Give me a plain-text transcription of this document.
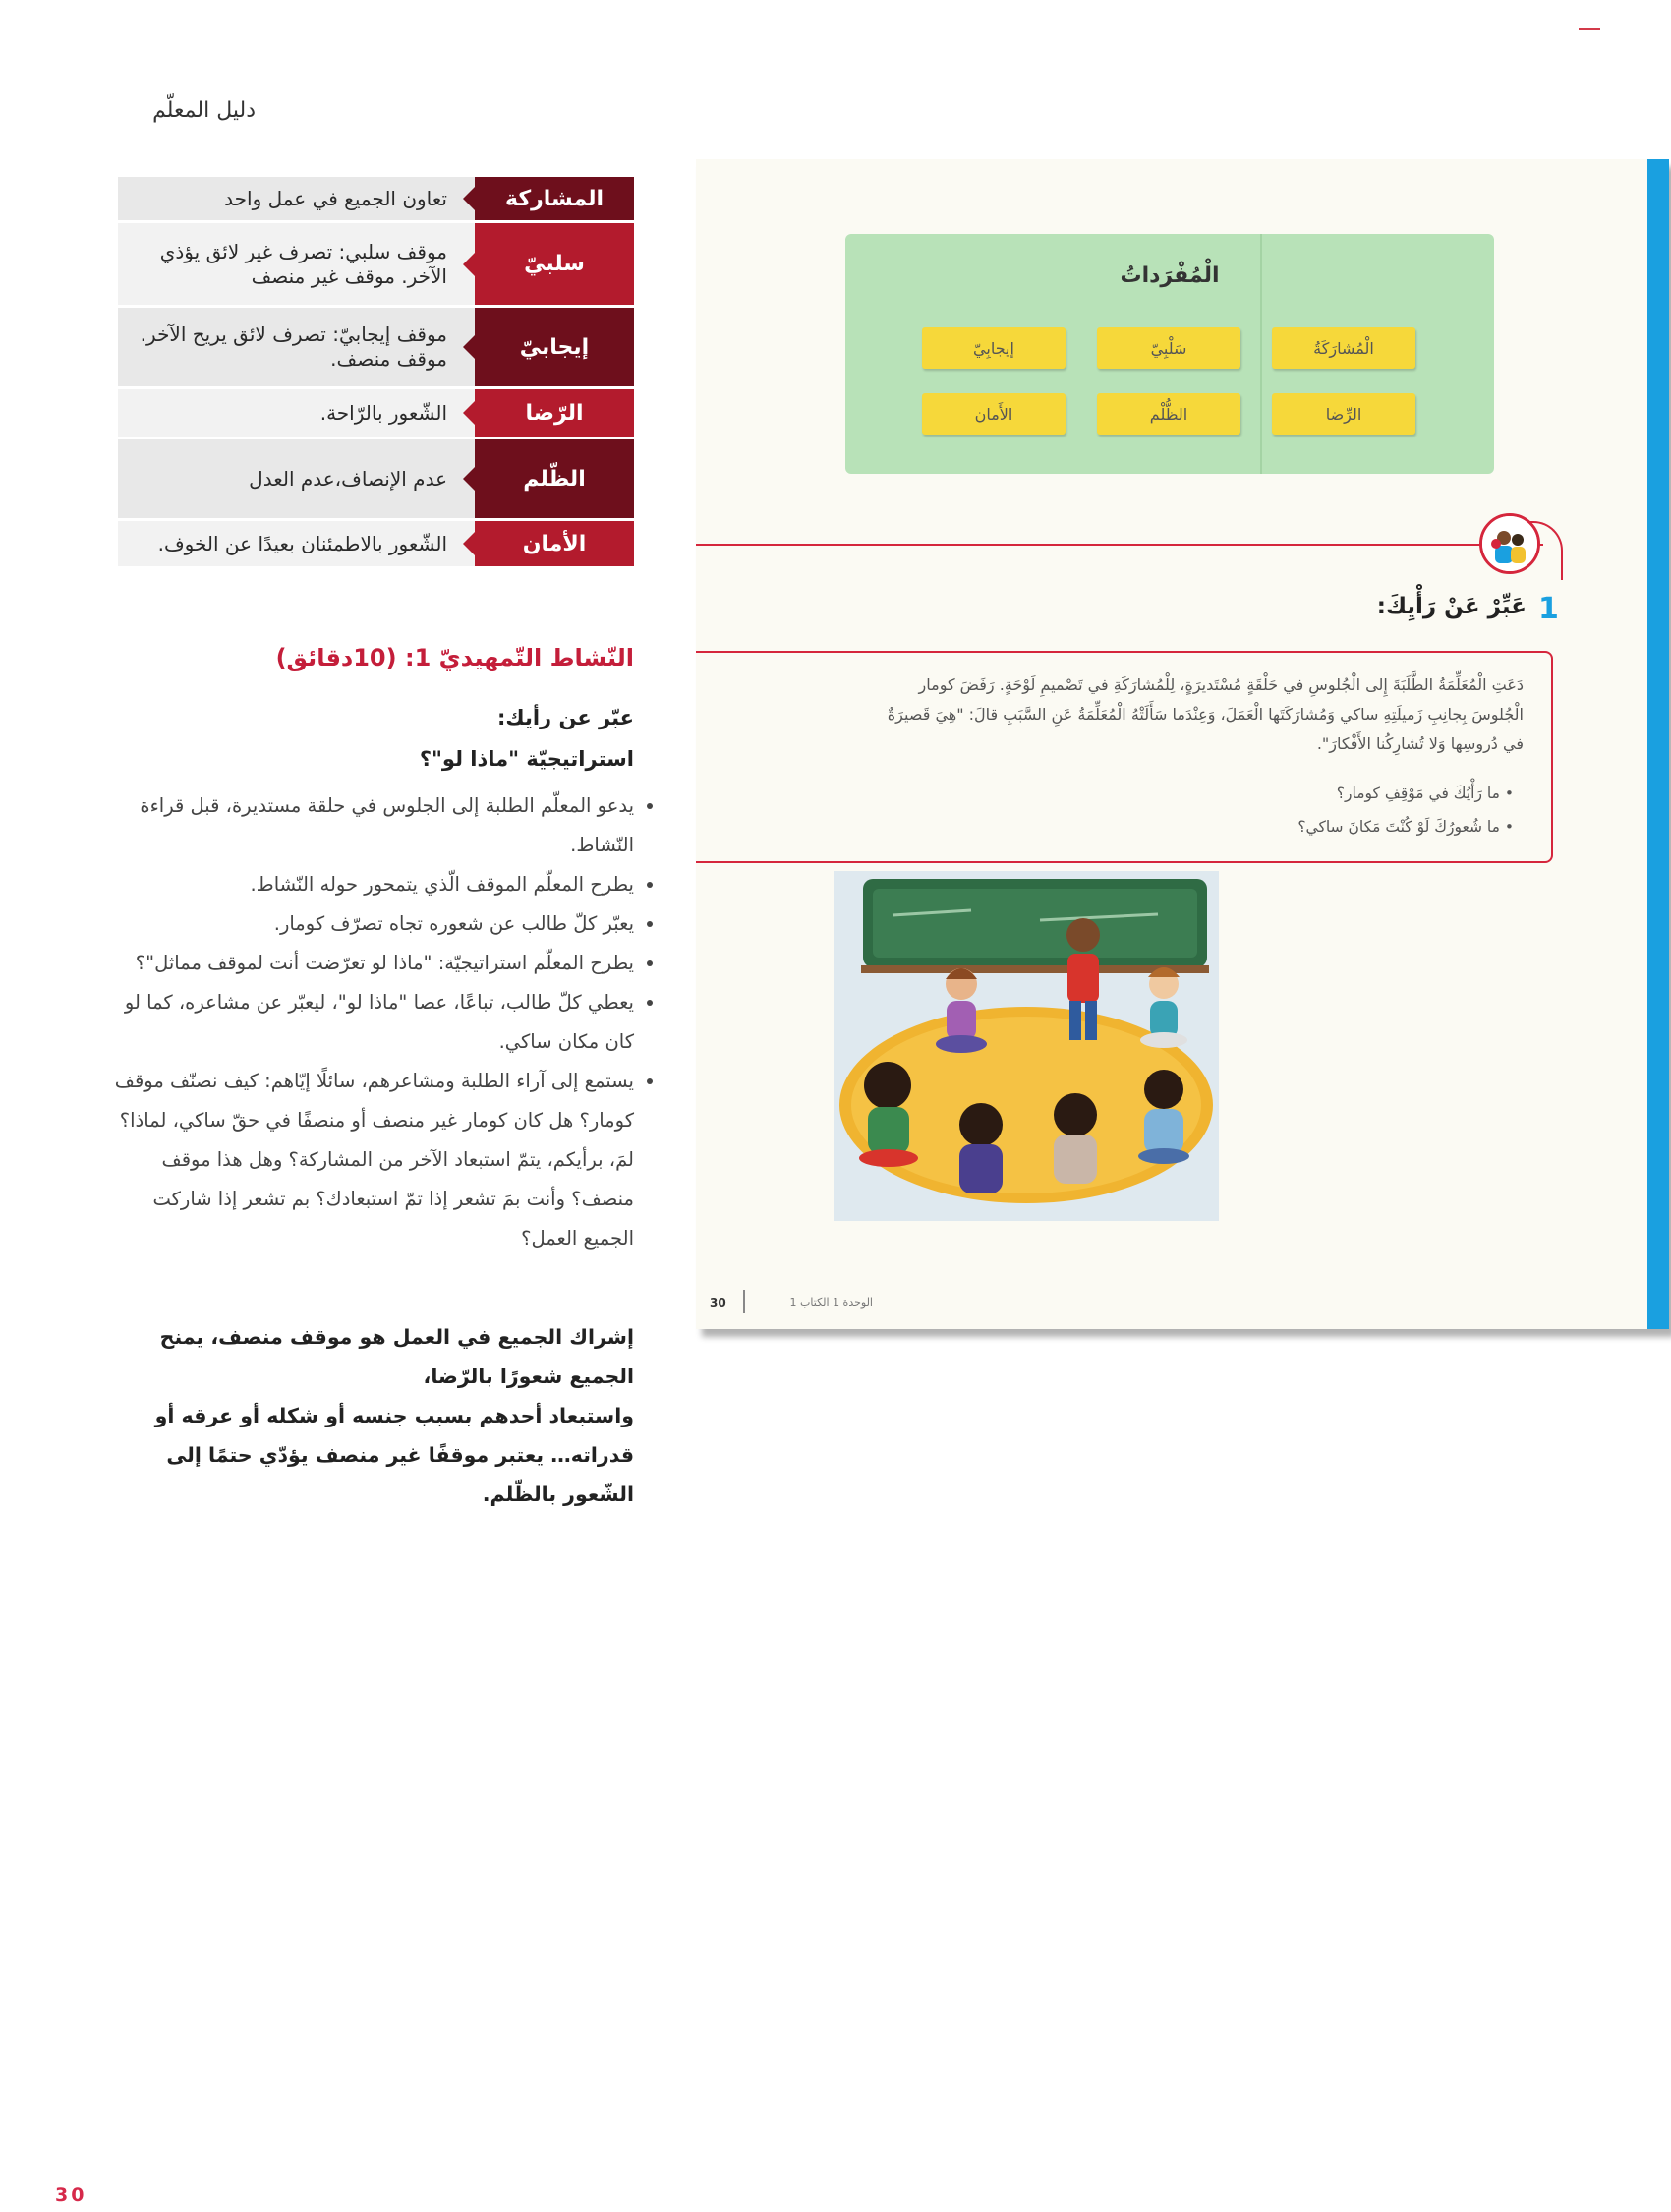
دليل المعلّم
المشاركة
تعاون الجميع في عمل واحد
سلبيّ
موقف سلبي: تصرف غير لائق يؤذي الآخر. موقف غير منصف
إيجابيّ
موقف إيجابيّ: تصرف لائق يريح الآخر. موقف منصف.
الرّضا
الشّعور بالرّاحة.
الظّلم
عدم الإنصاف،عدم العدل
الأمان
الشّعور بالاطمئنان بعيدًا عن الخوف.
النّشاط التّمهيديّ 1: (10دقائق)
عبّر عن رأيك:
استراتيجيّة "ماذا لو"؟
• يدعو المعلّم الطلبة إلى الجلوس في حلقة مستديرة، قبل قراءة النّشاط.
• يطرح المعلّم الموقف الّذي يتمحور حوله النّشاط.
• يعبّر كلّ طالب عن شعوره تجاه تصرّف كومار.
• يطرح المعلّم استراتيجيّة: "ماذا لو تعرّضت أنت لموقف مماثل"؟
• يعطي كلّ طالب، تباعًا، عصا "ماذا لو"، ليعبّر عن مشاعره، كما لو كان مكان ساكي.
• يستمع إلى آراء الطلبة ومشاعرهم، سائلًا إيّاهم: كيف نصنّف موقف كومار؟ هل كان كومار غير منصف أو منصفًا في حقّ ساكي، لماذا؟ لمَ، برأيكم، يتمّ استبعاد الآخر من المشاركة؟ وهل هذا موقف منصف؟ وأنت بمَ تشعر إذا تمّ استبعادك؟ بم تشعر إذا شاركت الجميع العمل؟
إشراك الجميع في العمل هو موقف منصف، يمنح الجميع شعورًا بالرّضا،
واستبعاد أحدهم بسبب جنسه أو شكله أو عرقه أو قدراته… يعتبر موقفًا غير منصف يؤدّي حتمًا إلى الشّعور بالظّلم.
30
الْمُفْرَداتُ
الْمُشارَكَةُ
سَلْبِيّ
إيجابِيّ
الرِّضا
الظُّلْم
الأَمان
1
عَبِّرْ عَنْ رَأْيِكَ:
دَعَتِ الْمُعَلِّمَةُ الطَّلَبَةَ إِلى الْجُلوسِ في حَلْقَةٍ مُسْتَديرَةٍ، لِلْمُشارَكَةِ في تَصْميمِ لَوْحَةٍ. رَفَضَ كومار الْجُلوسَ بِجانِبِ زَميلَتِهِ ساكي وَمُشارَكَتَها الْعَمَلَ، وَعِنْدَما سَأَلَتْهُ الْمُعَلِّمَةُ عَنِ السَّبَبِ قالَ: "هِيَ قَصيرَةٌ في دُروسِها وَلا تُشارِكُنا الأَفْكارَ".
• ما رَأْيُكَ في مَوْقِفِ كومار؟
• ما شُعورُكَ لَوْ كُنْتَ مَكانَ ساكي؟
30	الوحدة 1 الكتاب 1
